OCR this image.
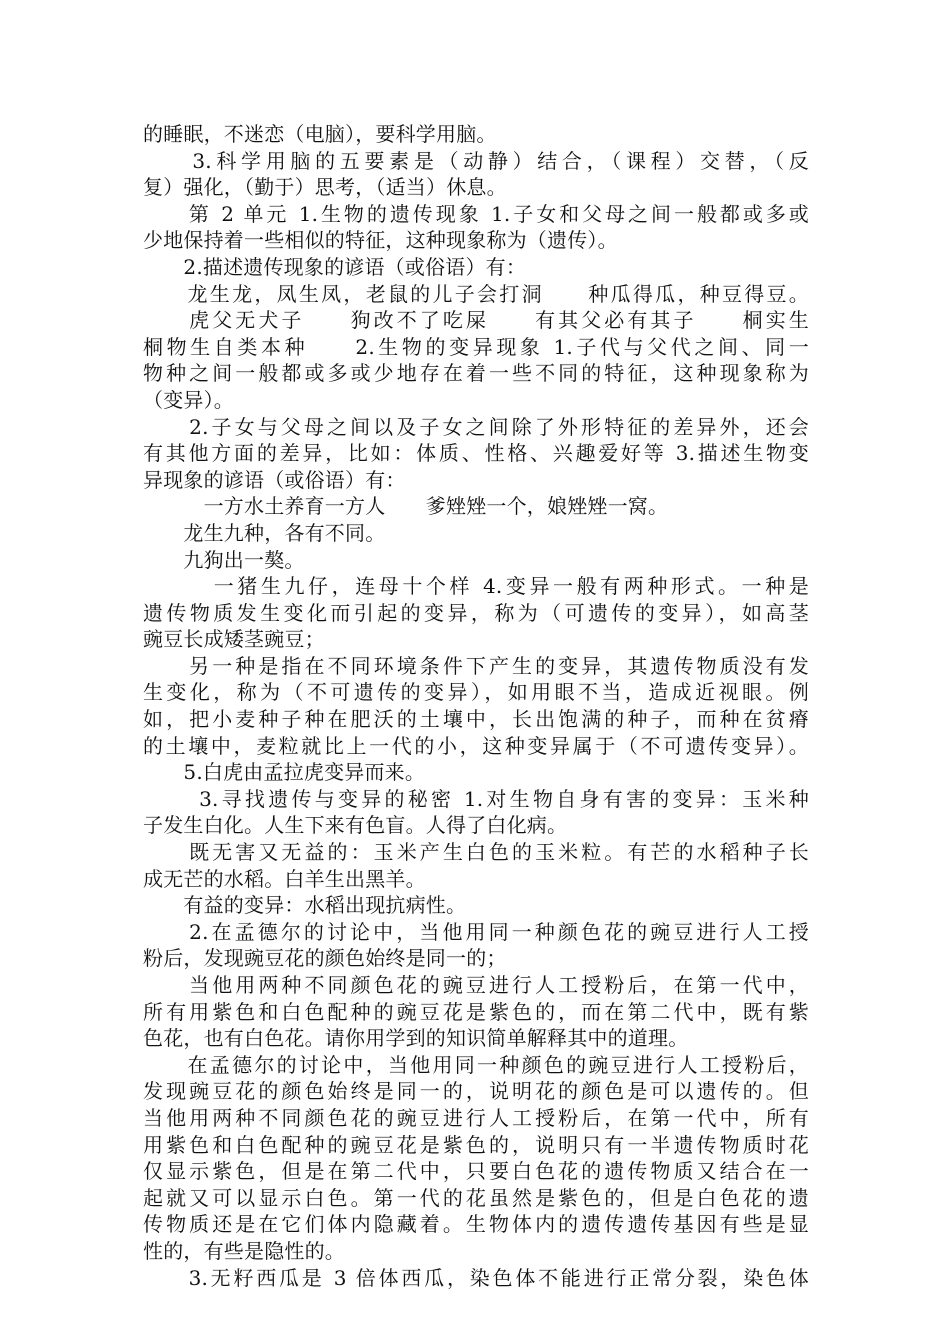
的睡眠，不迷恋（电脑），要科学用脑。
　　3.科学用脑的五要素是（动静）结合，（课程）交替，（反
复）强化，（勤于）思考，（适当）休息。
　　第 2 单元 1.生物的遗传现象 1.子女和父母之间一般都或多或
少地保持着一些相似的特征，这种现象称为（遗传）。
　　2.描述遗传现象的谚语（或俗语）有：
　　龙生龙，凤生凤，老鼠的儿子会打洞　　种瓜得瓜，种豆得豆。
　　虎父无犬子　　狗改不了吃屎　　有其父必有其子　　桐实生
桐物生自类本种　　2.生物的变异现象 1.子代与父代之间、同一
物种之间一般都或多或少地存在着一些不同的特征，这种现象称为
（变异）。
　　2.子女与父母之间以及子女之间除了外形特征的差异外，还会
有其他方面的差异，比如：体质、性格、兴趣爱好等 3.描述生物变
异现象的谚语（或俗语）有：
　　　一方水土养育一方人　　爹矬矬一个，娘矬矬一窝。
　　龙生九种，各有不同。
　　九狗出一獒。
　　　一猪生九仔，连母十个样 4.变异一般有两种形式。一种是
遗传物质发生变化而引起的变异，称为（可遗传的变异），如高茎
豌豆长成矮茎豌豆；
　　另一种是指在不同环境条件下产生的变异，其遗传物质没有发
生变化，称为（不可遗传的变异），如用眼不当，造成近视眼。例
如，把小麦种子种在肥沃的土壤中，长出饱满的种子，而种在贫瘠
的土壤中，麦粒就比上一代的小，这种变异属于（不可遗传变异）。
　　5.白虎由孟拉虎变异而来。
　　 3.寻找遗传与变异的秘密 1.对生物自身有害的变异：玉米种
子发生白化。人生下来有色盲。人得了白化病。
　　既无害又无益的：玉米产生白色的玉米粒。有芒的水稻种子长
成无芒的水稻。白羊生出黑羊。
　　有益的变异：水稻出现抗病性。
　　2.在孟德尔的讨论中，当他用同一种颜色花的豌豆进行人工授
粉后，发现豌豆花的颜色始终是同一的；
　　当他用两种不同颜色花的豌豆进行人工授粉后，在第一代中，
所有用紫色和白色配种的豌豆花是紫色的，而在第二代中，既有紫
色花，也有白色花。请你用学到的知识简单解释其中的道理。
　　在孟德尔的讨论中，当他用同一种颜色的豌豆进行人工授粉后，
发现豌豆花的颜色始终是同一的，说明花的颜色是可以遗传的。但
当他用两种不同颜色花的豌豆进行人工授粉后，在第一代中，所有
用紫色和白色配种的豌豆花是紫色的，说明只有一半遗传物质时花
仅显示紫色，但是在第二代中，只要白色花的遗传物质又结合在一
起就又可以显示白色。第一代的花虽然是紫色的，但是白色花的遗
传物质还是在它们体内隐藏着。生物体内的遗传遗传基因有些是显
性的，有些是隐性的。
　　3.无籽西瓜是 3 倍体西瓜，染色体不能进行正常分裂，染色体
